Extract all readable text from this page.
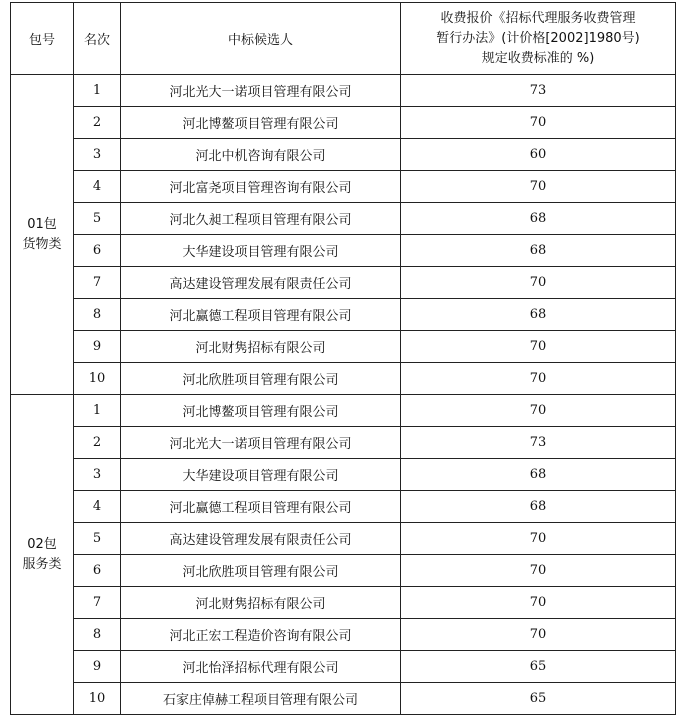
包号	名次	中标候选人	收费报价《招标代理服务收费管理
暂行办法》(计价格[2002]1980号)
规定收费标准的 %)

01包
货物类	1	河北光大一诺项目管理有限公司	73
	2	河北博鳌项目管理有限公司	70
	3	河北中机咨询有限公司	60
	4	河北富尧项目管理咨询有限公司	70
	5	河北久昶工程项目管理有限公司	68
	6	大华建设项目管理有限公司	68
	7	高达建设管理发展有限责任公司	70
	8	河北赢德工程项目管理有限公司	68
	9	河北财隽招标有限公司	70
	10	河北欣胜项目管理有限公司	70

02包
服务类	1	河北博鳌项目管理有限公司	70
	2	河北光大一诺项目管理有限公司	73
	3	大华建设项目管理有限公司	68
	4	河北赢德工程项目管理有限公司	68
	5	高达建设管理发展有限责任公司	70
	6	河北欣胜项目管理有限公司	70
	7	河北财隽招标有限公司	70
	8	河北正宏工程造价咨询有限公司	70
	9	河北怡泽招标代理有限公司	65
	10	石家庄倬赫工程项目管理有限公司	65
